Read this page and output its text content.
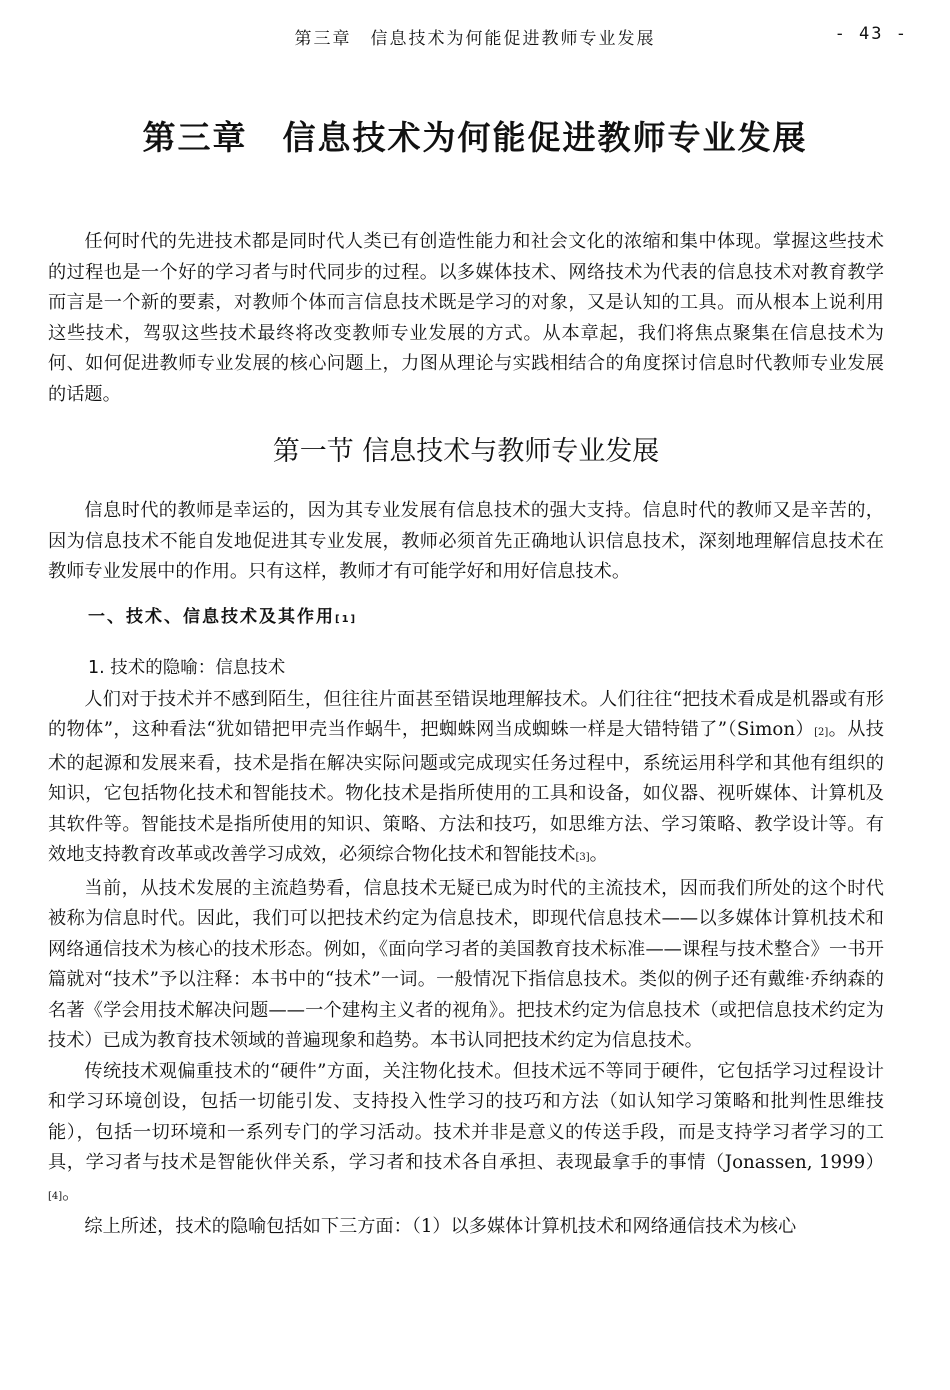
第三章　信息技术为何能促进教师专业发展	- 43 -
第三章　信息技术为何能促进教师专业发展

任何时代的先进技术都是同时代人类已有创造性能力和社会文化的浓缩和集中体现。掌握这些技术的过程也是一个好的学习者与时代同步的过程。以多媒体技术、网络技术为代表的信息技术对教育教学而言是一个新的要素，对教师个体而言信息技术既是学习的对象，又是认知的工具。而从根本上说利用这些技术，驾驭这些技术最终将改变教师专业发展的方式。从本章起，我们将焦点聚集在信息技术为何、如何促进教师专业发展的核心问题上，力图从理论与实践相结合的角度探讨信息时代教师专业发展的话题。

第一节 信息技术与教师专业发展

信息时代的教师是幸运的，因为其专业发展有信息技术的强大支持。信息时代的教师又是辛苦的，因为信息技术不能自发地促进其专业发展，教师必须首先正确地认识信息技术，深刻地理解信息技术在教师专业发展中的作用。只有这样，教师才有可能学好和用好信息技术。

一、技术、信息技术及其作用[1]
1. 技术的隐喻：信息技术

人们对于技术并不感到陌生，但往往片面甚至错误地理解技术。人们往往“把技术看成是机器或有形的物体”，这种看法“犹如错把甲壳当作蜗牛，把蜘蛛网当成蜘蛛一样是大错特错了”（Simon）[2]。从技术的起源和发展来看，技术是指在解决实际问题或完成现实任务过程中，系统运用科学和其他有组织的知识，它包括物化技术和智能技术。物化技术是指所使用的工具和设备，如仪器、视听媒体、计算机及其软件等。智能技术是指所使用的知识、策略、方法和技巧，如思维方法、学习策略、教学设计等。有效地支持教育改革或改善学习成效，必须综合物化技术和智能技术[3]。

当前，从技术发展的主流趋势看，信息技术无疑已成为时代的主流技术，因而我们所处的这个时代被称为信息时代。因此，我们可以把技术约定为信息技术，即现代信息技术——以多媒体计算机技术和网络通信技术为核心的技术形态。例如，《面向学习者的美国教育技术标准——课程与技术整合》一书开篇就对“技术”予以注释：本书中的“技术”一词。一般情况下指信息技术。类似的例子还有戴维·乔纳森的名著《学会用技术解决问题——一个建构主义者的视角》。把技术约定为信息技术（或把信息技术约定为技术）已成为教育技术领域的普遍现象和趋势。本书认同把技术约定为信息技术。

传统技术观偏重技术的“硬件”方面，关注物化技术。但技术远不等同于硬件，它包括学习过程设计和学习环境创设，包括一切能引发、支持投入性学习的技巧和方法（如认知学习策略和批判性思维技能），包括一切环境和一系列专门的学习活动。技术并非是意义的传送手段，而是支持学习者学习的工具，学习者与技术是智能伙伴关系，学习者和技术各自承担、表现最拿手的事情（Jonassen, 1999）[4]。

综上所述，技术的隐喻包括如下三方面：（1）以多媒体计算机技术和网络通信技术为核心
